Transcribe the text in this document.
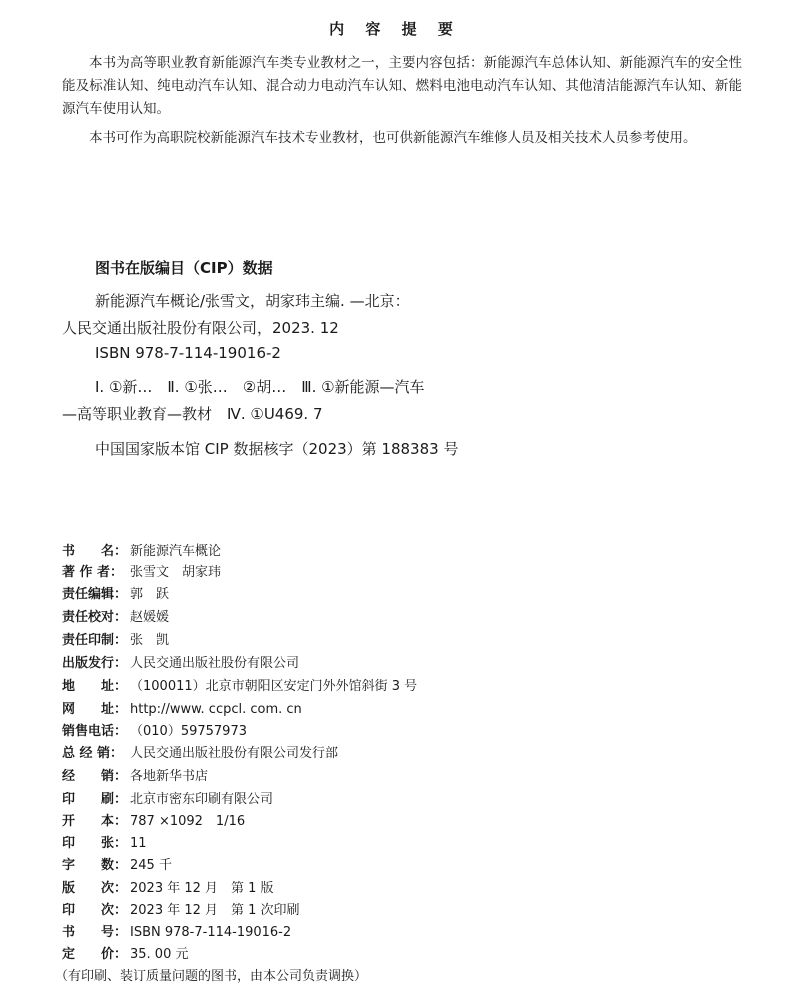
内 容 提 要
本书为高等职业教育新能源汽车类专业教材之一，主要内容包括：新能源汽车总体认知、新能源汽车的安全性能及标准认知、纯电动汽车认知、混合动力电动汽车认知、燃料电池电动汽车认知、其他清洁能源汽车认知、新能源汽车使用认知。
本书可作为高职院校新能源汽车技术专业教材，也可供新能源汽车维修人员及相关技术人员参考使用。
图书在版编目（CIP）数据
新能源汽车概论/张雪文，胡家玮主编. —北京：
人民交通出版社股份有限公司，2023. 12
ISBN 978-7-114-19016-2
Ⅰ. ①新…　Ⅱ. ①张…　②胡…　Ⅲ. ①新能源—汽车
—高等职业教育—教材　Ⅳ. ①U469. 7
中国国家版本馆 CIP 数据核字（2023）第 188383 号
书　　名： 新能源汽车概论
著 作 者： 张雪文　胡家玮
责任编辑： 郭　跃
责任校对： 赵媛媛
责任印制： 张　凯
出版发行： 人民交通出版社股份有限公司
地　　址： （100011）北京市朝阳区安定门外外馆斜街 3 号
网　　址： http://www. ccpcl. com. cn
销售电话： （010）59757973
总 经 销： 人民交通出版社股份有限公司发行部
经　　销： 各地新华书店
印　　刷： 北京市密东印刷有限公司
开　　本： 787 ×1092　1/16
印　　张： 11
字　　数： 245 千
版　　次： 2023 年 12 月　第 1 版
印　　次： 2023 年 12 月　第 1 次印刷
书　　号： ISBN 978-7-114-19016-2
定　　价： 35. 00 元
（有印刷、装订质量问题的图书，由本公司负责调换）
